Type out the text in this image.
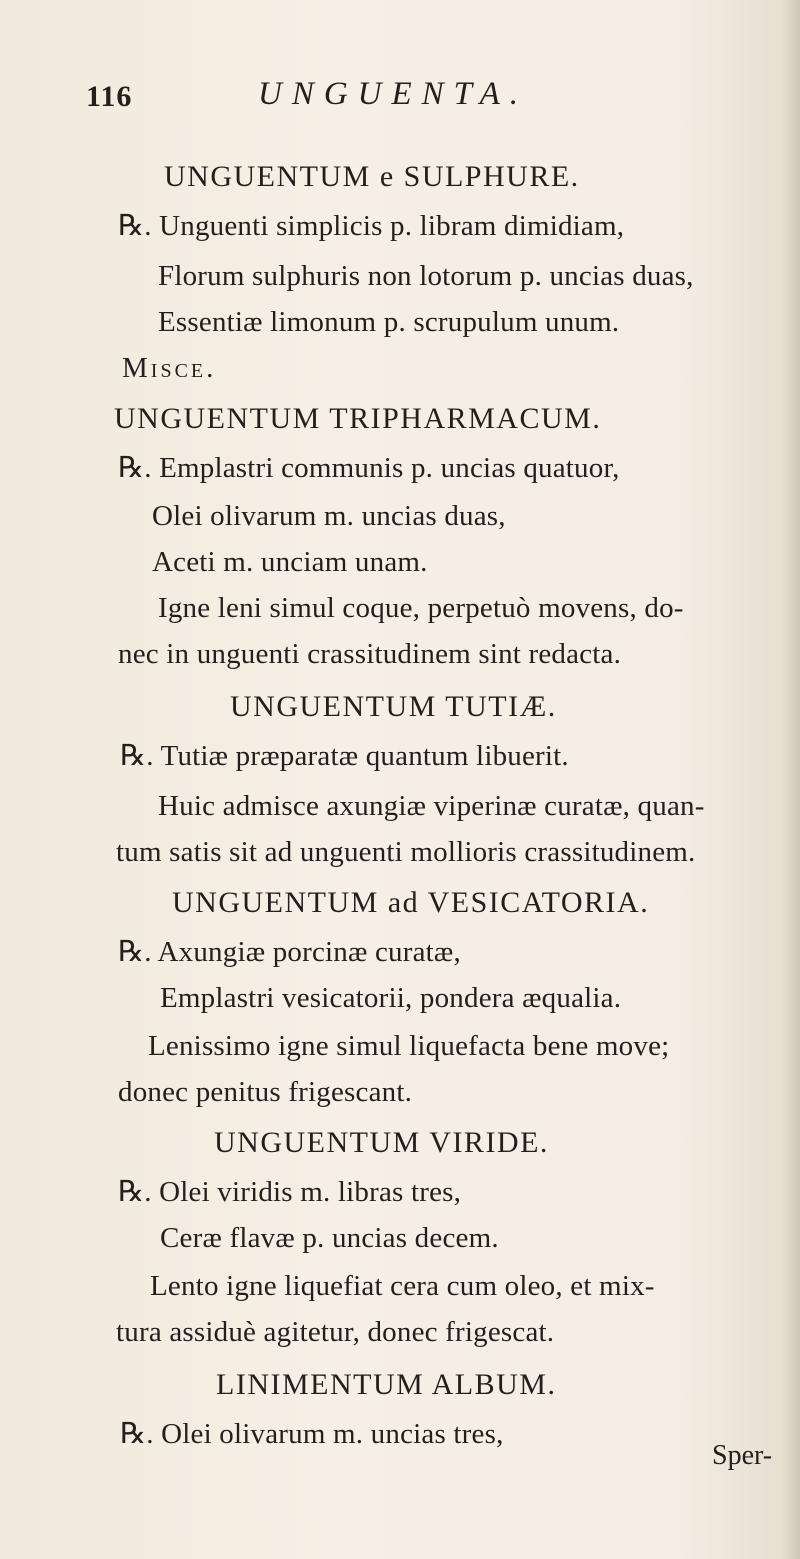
116	UNGUENTA.
UNGUENTUM e SULPHURE.
℞. Unguenti simplicis p. libram dimidiam,
Florum sulphuris non lotorum p. uncias duas,
Essentiæ limonum p. scrupulum unum.
Misce.
UNGUENTUM TRIPHARMACUM.
℞. Emplastri communis p. uncias quatuor,
Olei olivarum m. uncias duas,
Aceti m. unciam unam.
Igne leni simul coque, perpetuò movens, do-
nec in unguenti crassitudinem sint redacta.
UNGUENTUM TUTIÆ.
℞. Tutiæ præparatæ quantum libuerit.
Huic admisce axungiæ viperinæ curatæ, quan-
tum satis sit ad unguenti mollioris crassitudinem.
UNGUENTUM ad VESICATORIA.
℞. Axungiæ porcinæ curatæ,
Emplastri vesicatorii, pondera æqualia.
Lenissimo igne simul liquefacta bene move;
donec penitus frigescant.
UNGUENTUM VIRIDE.
℞. Olei viridis m. libras tres,
Ceræ flavæ p. uncias decem.
Lento igne liquefiat cera cum oleo, et mix-
tura assiduè agitetur, donec frigescat.
LINIMENTUM ALBUM.
℞. Olei olivarum m. uncias tres,
Sper-
